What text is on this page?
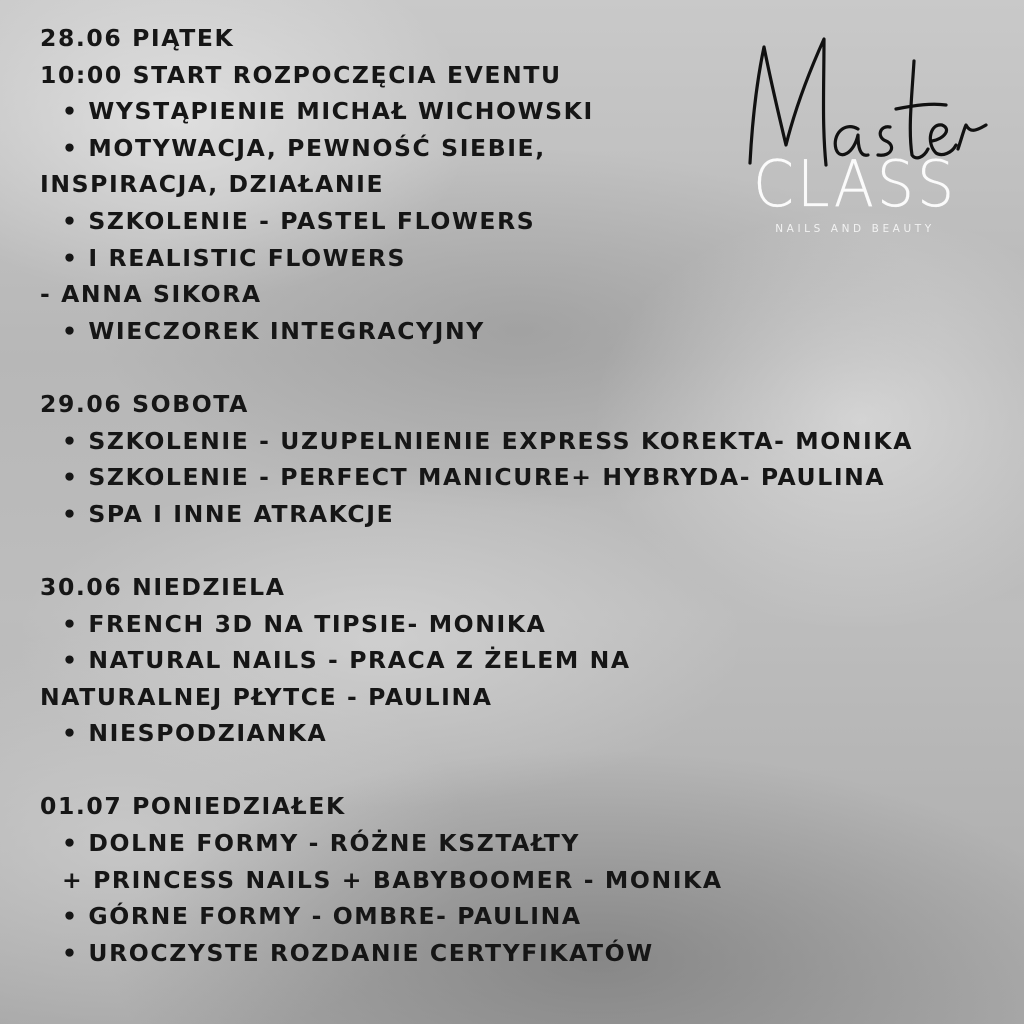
28.06 PIĄTEK
10:00 START ROZPOCZĘCIA EVENTU
• WYSTĄPIENIE MICHAŁ WICHOWSKI
• MOTYWACJA, PEWNOŚĆ SIEBIE,
INSPIRACJA, DZIAŁANIE
• SZKOLENIE - PASTEL FLOWERS
• I REALISTIC FLOWERS
- ANNA SIKORA
• WIECZOREK INTEGRACYJNY
29.06 SOBOTA
• SZKOLENIE - UZUPELNIENIE EXPRESS KOREKTA- MONIKA
• SZKOLENIE - PERFECT MANICURE+ HYBRYDA- PAULINA
• SPA I INNE ATRAKCJE
30.06 NIEDZIELA
• FRENCH 3D NA TIPSIE- MONIKA
• NATURAL NAILS - PRACA Z ŻELEM NA
NATURALNEJ PŁYTCE - PAULINA
• NIESPODZIANKA
01.07 PONIEDZIAŁEK
• DOLNE FORMY - RÓŻNE KSZTAŁTY
+ PRINCESS NAILS + BABYBOOMER - MONIKA
• GÓRNE FORMY - OMBRE- PAULINA
• UROCZYSTE ROZDANIE CERTYFIKATÓW
CLASS
NAILS AND BEAUTY
